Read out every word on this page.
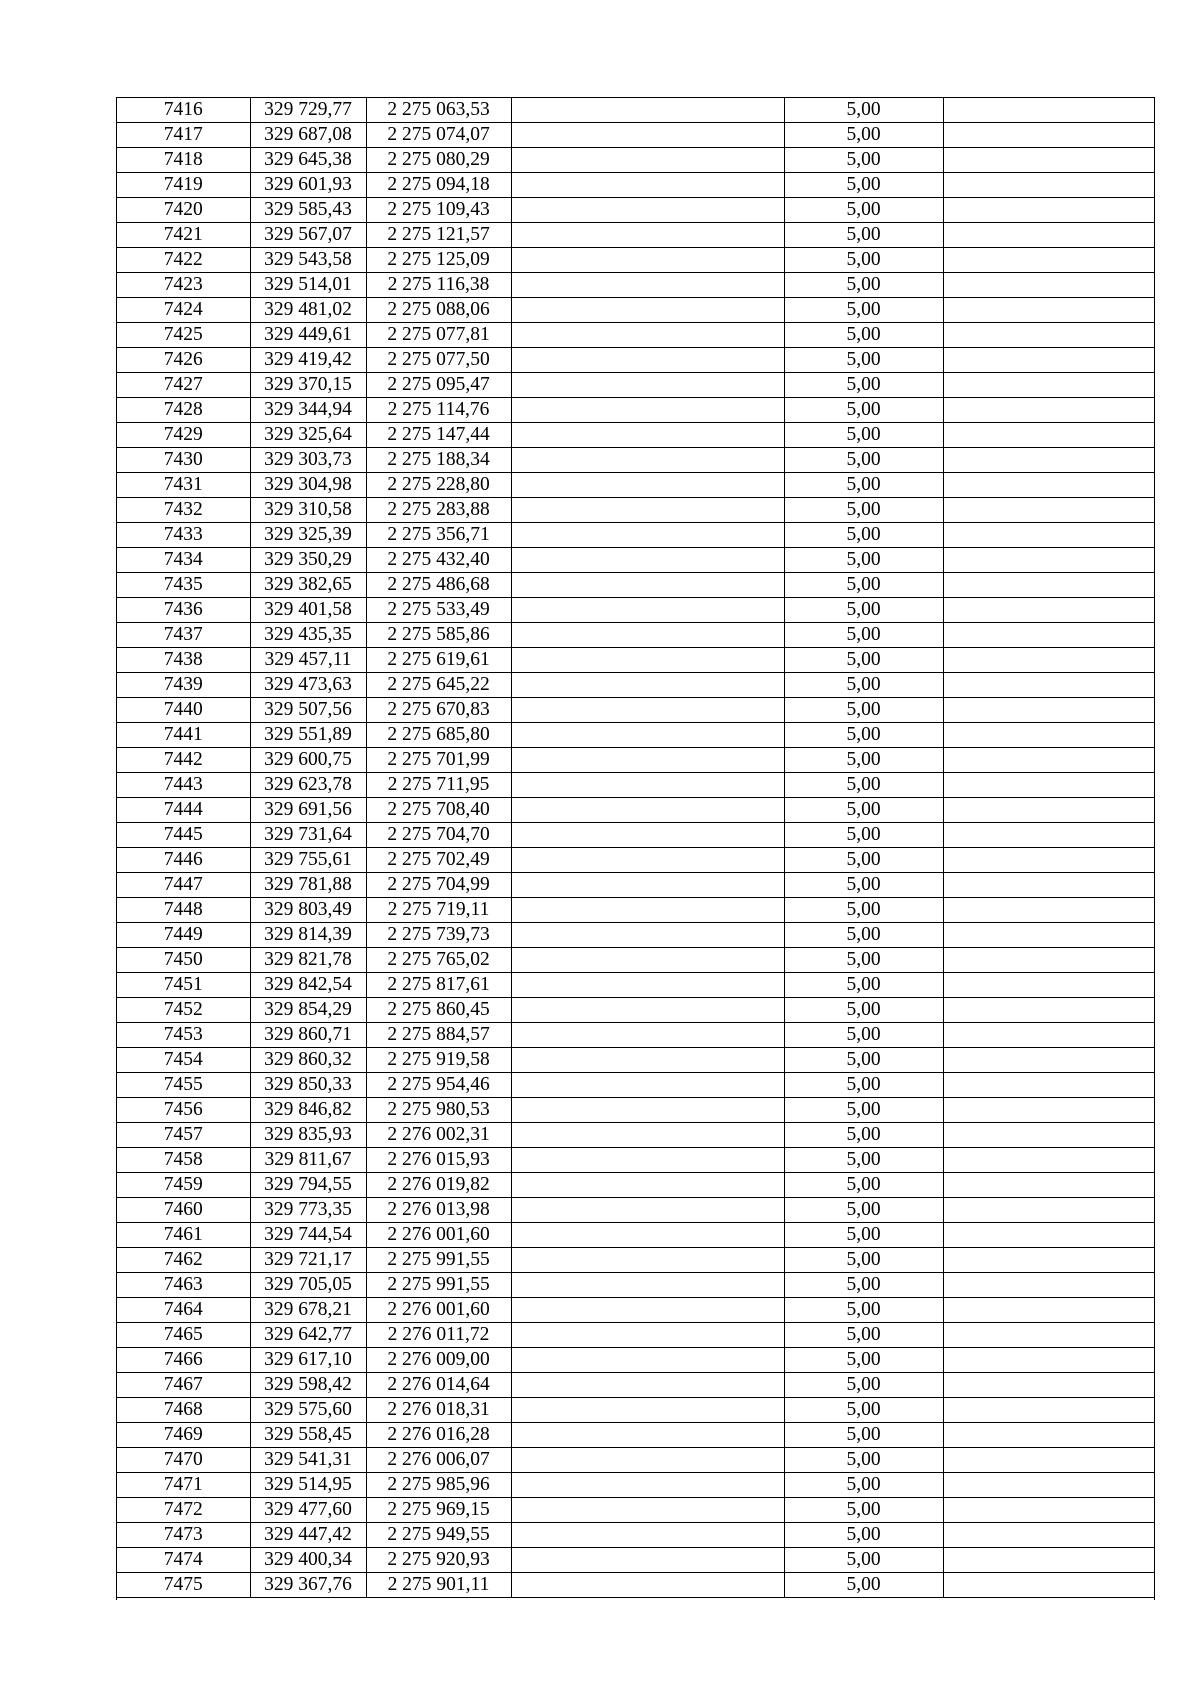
7416	329 729,77	2 275 063,53		5,00	
7417	329 687,08	2 275 074,07		5,00	
7418	329 645,38	2 275 080,29		5,00	
7419	329 601,93	2 275 094,18		5,00	
7420	329 585,43	2 275 109,43		5,00	
7421	329 567,07	2 275 121,57		5,00	
7422	329 543,58	2 275 125,09		5,00	
7423	329 514,01	2 275 116,38		5,00	
7424	329 481,02	2 275 088,06		5,00	
7425	329 449,61	2 275 077,81		5,00	
7426	329 419,42	2 275 077,50		5,00	
7427	329 370,15	2 275 095,47		5,00	
7428	329 344,94	2 275 114,76		5,00	
7429	329 325,64	2 275 147,44		5,00	
7430	329 303,73	2 275 188,34		5,00	
7431	329 304,98	2 275 228,80		5,00	
7432	329 310,58	2 275 283,88		5,00	
7433	329 325,39	2 275 356,71		5,00	
7434	329 350,29	2 275 432,40		5,00	
7435	329 382,65	2 275 486,68		5,00	
7436	329 401,58	2 275 533,49		5,00	
7437	329 435,35	2 275 585,86		5,00	
7438	329 457,11	2 275 619,61		5,00	
7439	329 473,63	2 275 645,22		5,00	
7440	329 507,56	2 275 670,83		5,00	
7441	329 551,89	2 275 685,80		5,00	
7442	329 600,75	2 275 701,99		5,00	
7443	329 623,78	2 275 711,95		5,00	
7444	329 691,56	2 275 708,40		5,00	
7445	329 731,64	2 275 704,70		5,00	
7446	329 755,61	2 275 702,49		5,00	
7447	329 781,88	2 275 704,99		5,00	
7448	329 803,49	2 275 719,11		5,00	
7449	329 814,39	2 275 739,73		5,00	
7450	329 821,78	2 275 765,02		5,00	
7451	329 842,54	2 275 817,61		5,00	
7452	329 854,29	2 275 860,45		5,00	
7453	329 860,71	2 275 884,57		5,00	
7454	329 860,32	2 275 919,58		5,00	
7455	329 850,33	2 275 954,46		5,00	
7456	329 846,82	2 275 980,53		5,00	
7457	329 835,93	2 276 002,31		5,00	
7458	329 811,67	2 276 015,93		5,00	
7459	329 794,55	2 276 019,82		5,00	
7460	329 773,35	2 276 013,98		5,00	
7461	329 744,54	2 276 001,60		5,00	
7462	329 721,17	2 275 991,55		5,00	
7463	329 705,05	2 275 991,55		5,00	
7464	329 678,21	2 276 001,60		5,00	
7465	329 642,77	2 276 011,72		5,00	
7466	329 617,10	2 276 009,00		5,00	
7467	329 598,42	2 276 014,64		5,00	
7468	329 575,60	2 276 018,31		5,00	
7469	329 558,45	2 276 016,28		5,00	
7470	329 541,31	2 276 006,07		5,00	
7471	329 514,95	2 275 985,96		5,00	
7472	329 477,60	2 275 969,15		5,00	
7473	329 447,42	2 275 949,55		5,00	
7474	329 400,34	2 275 920,93		5,00	
7475	329 367,76	2 275 901,11		5,00	
